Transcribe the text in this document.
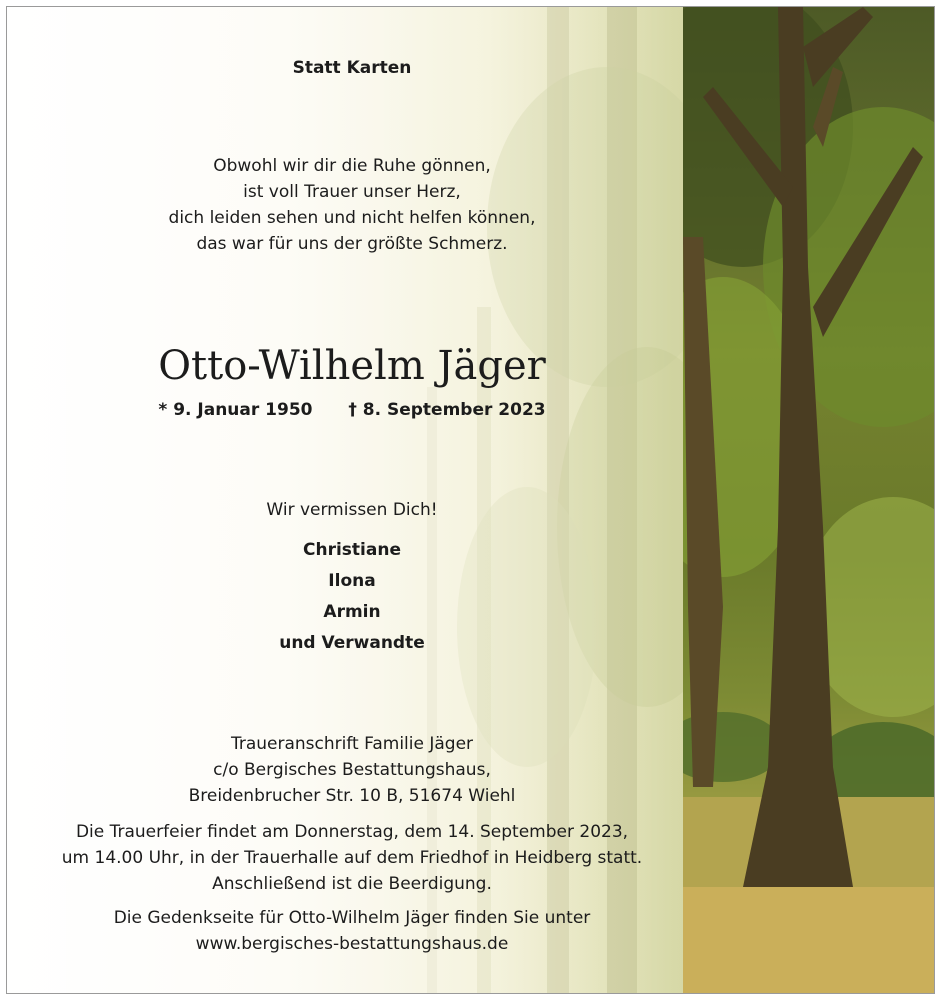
Statt Karten

Obwohl wir dir die Ruhe gönnen,

ist voll Trauer unser Herz,

dich leiden sehen und nicht helfen können,

das war für uns der größte Schmerz.

Otto-Wilhelm Jäger

* 9. Januar 1950 † 8. September 2023

Wir vermissen Dich!

Christiane

Ilona

Armin

und Verwandte

Traueranschrift Familie Jäger

c/o Bergisches Bestattungshaus,

Breidenbrucher Str. 10 B, 51674 Wiehl

Die Trauerfeier findet am Donnerstag, dem 14. September 2023,

um 14.00 Uhr, in der Trauerhalle auf dem Friedhof in Heidberg statt.

Anschließend ist die Beerdigung.

Die Gedenkseite für Otto-Wilhelm Jäger finden Sie unter

www.bergisches-bestattungshaus.de
